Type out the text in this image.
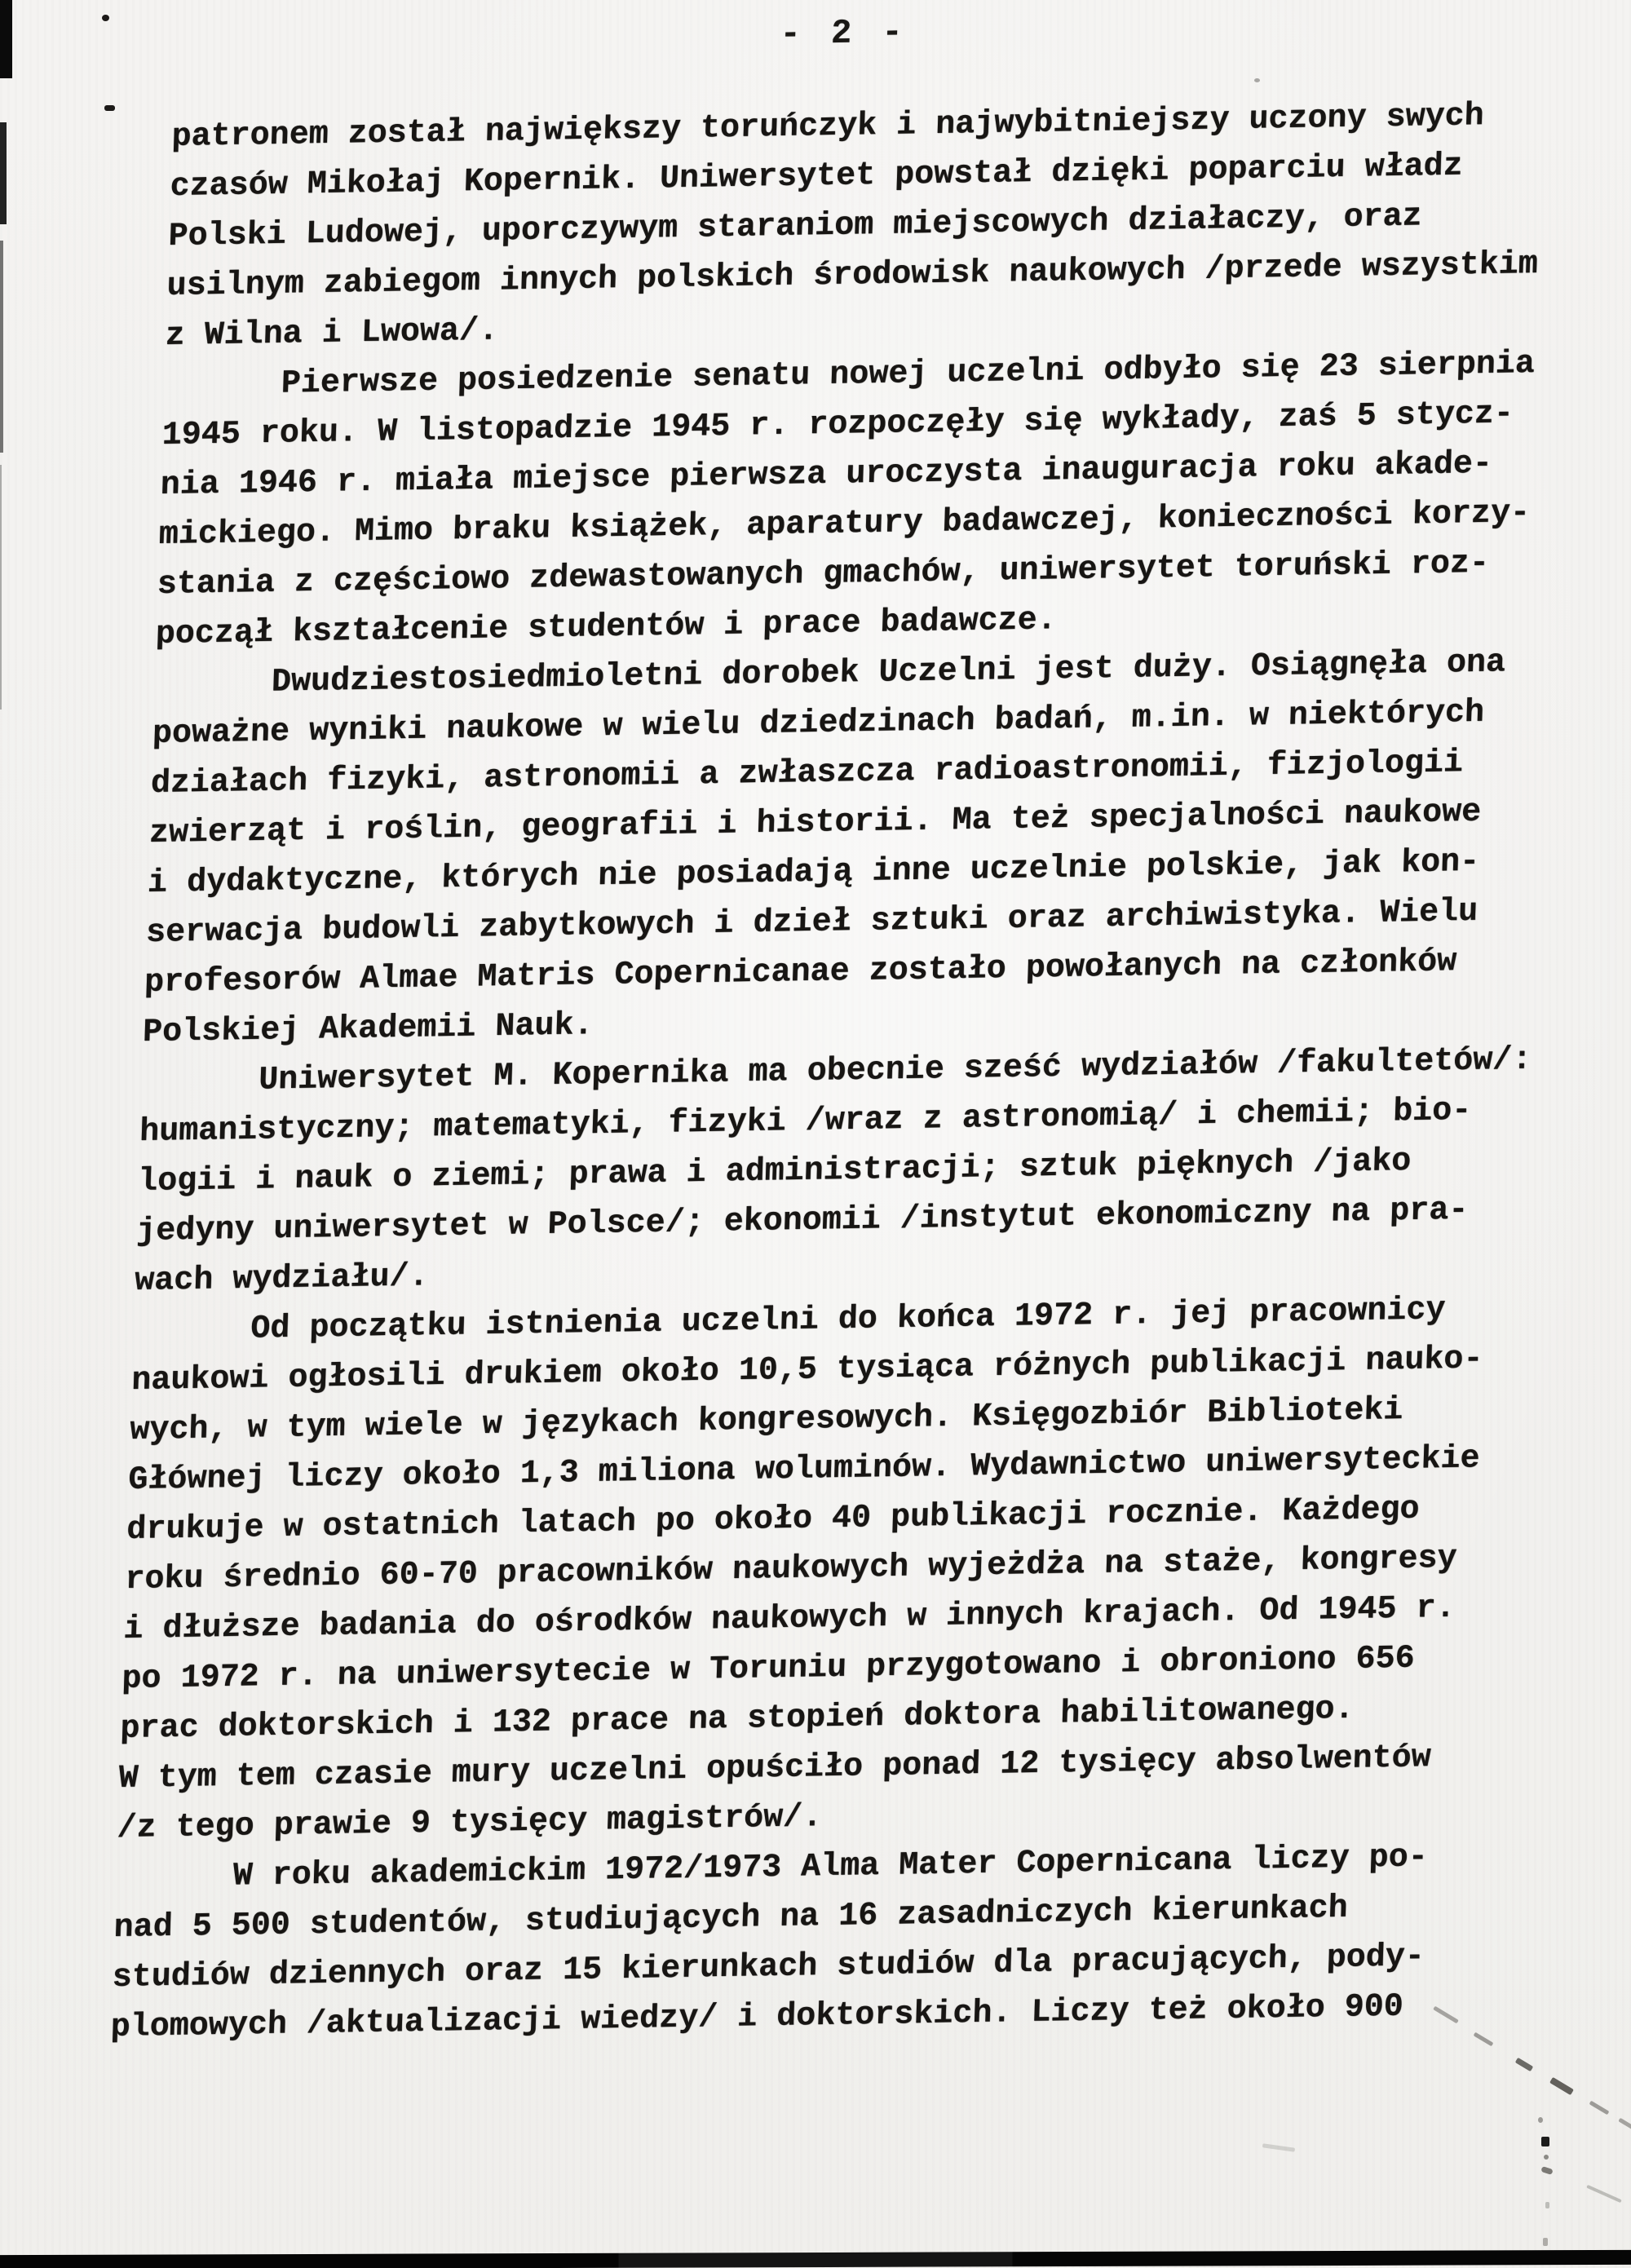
- 2 -
patronem został największy toruńczyk i najwybitniejszy uczony swych
czasów Mikołaj Kopernik. Uniwersytet powstał dzięki poparciu władz
Polski Ludowej, uporczywym staraniom miejscowych działaczy, oraz
usilnym zabiegom innych polskich środowisk naukowych /przede wszystkim
z Wilna i Lwowa/.
Pierwsze posiedzenie senatu nowej uczelni odbyło się 23 sierpnia
1945 roku. W listopadzie 1945 r. rozpoczęły się wykłady, zaś 5 stycz-
nia 1946 r. miała miejsce pierwsza uroczysta inauguracja roku akade-
mickiego. Mimo braku książek, aparatury badawczej, konieczności korzy-
stania z częściowo zdewastowanych gmachów, uniwersytet toruński roz-
począł kształcenie studentów i prace badawcze.
Dwudziestosiedmioletni dorobek Uczelni jest duży. Osiągnęła ona
poważne wyniki naukowe w wielu dziedzinach badań, m.in. w niektórych
działach fizyki, astronomii a zwłaszcza radioastronomii, fizjologii
zwierząt i roślin, geografii i historii. Ma też specjalności naukowe
i dydaktyczne, których nie posiadają inne uczelnie polskie, jak kon-
serwacja budowli zabytkowych i dzieł sztuki oraz archiwistyka. Wielu
profesorów Almae Matris Copernicanae zostało powołanych na członków
Polskiej Akademii Nauk.
Uniwersytet M. Kopernika ma obecnie sześć wydziałów /fakultetów/:
humanistyczny; matematyki, fizyki /wraz z astronomią/ i chemii; bio-
logii i nauk o ziemi; prawa i administracji; sztuk pięknych /jako
jedyny uniwersytet w Polsce/; ekonomii /instytut ekonomiczny na pra-
wach wydziału/.
Od początku istnienia uczelni do końca 1972 r. jej pracownicy
naukowi ogłosili drukiem około 10,5 tysiąca różnych publikacji nauko-
wych, w tym wiele w językach kongresowych. Księgozbiór Biblioteki
Głównej liczy około 1,3 miliona woluminów. Wydawnictwo uniwersyteckie
drukuje w ostatnich latach po około 40 publikacji rocznie. Każdego
roku średnio 60-70 pracowników naukowych wyjeżdża na staże, kongresy
i dłuższe badania do ośrodków naukowych w innych krajach. Od 1945 r.
po 1972 r. na uniwersytecie w Toruniu przygotowano i obroniono 656
prac doktorskich i 132 prace na stopień doktora habilitowanego.
W tym tem czasie mury uczelni opuściło ponad 12 tysięcy absolwentów
/z tego prawie 9 tysięcy magistrów/.
W roku akademickim 1972/1973 Alma Mater Copernicana liczy po-
nad 5 500 studentów, studiujących na 16 zasadniczych kierunkach
studiów dziennych oraz 15 kierunkach studiów dla pracujących, pody-
plomowych /aktualizacji wiedzy/ i doktorskich. Liczy też około 900
